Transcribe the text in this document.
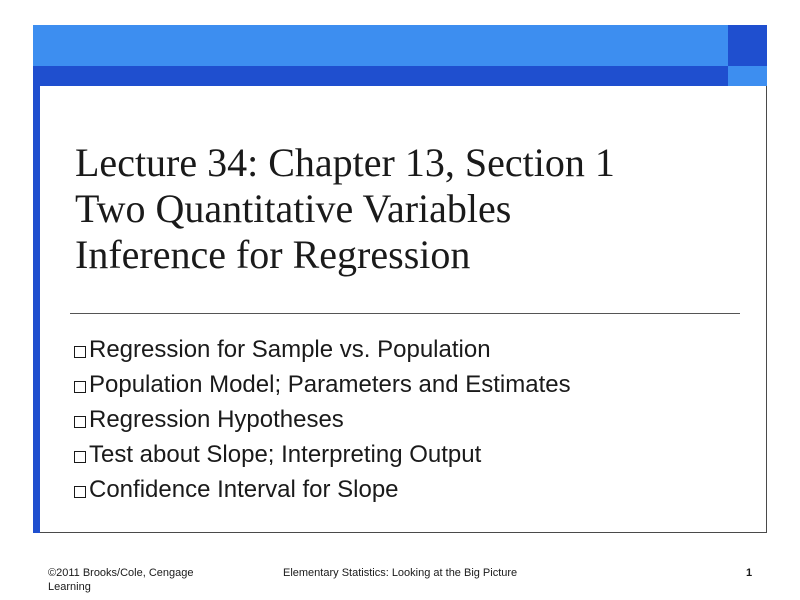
Lecture 34: Chapter 13, Section 1
Two Quantitative Variables
Inference for Regression
Regression for Sample vs. Population
Population Model; Parameters and Estimates
Regression Hypotheses
Test about Slope; Interpreting Output
Confidence Interval for Slope
©2011 Brooks/Cole, Cengage Learning
Elementary Statistics: Looking at the Big Picture	1
